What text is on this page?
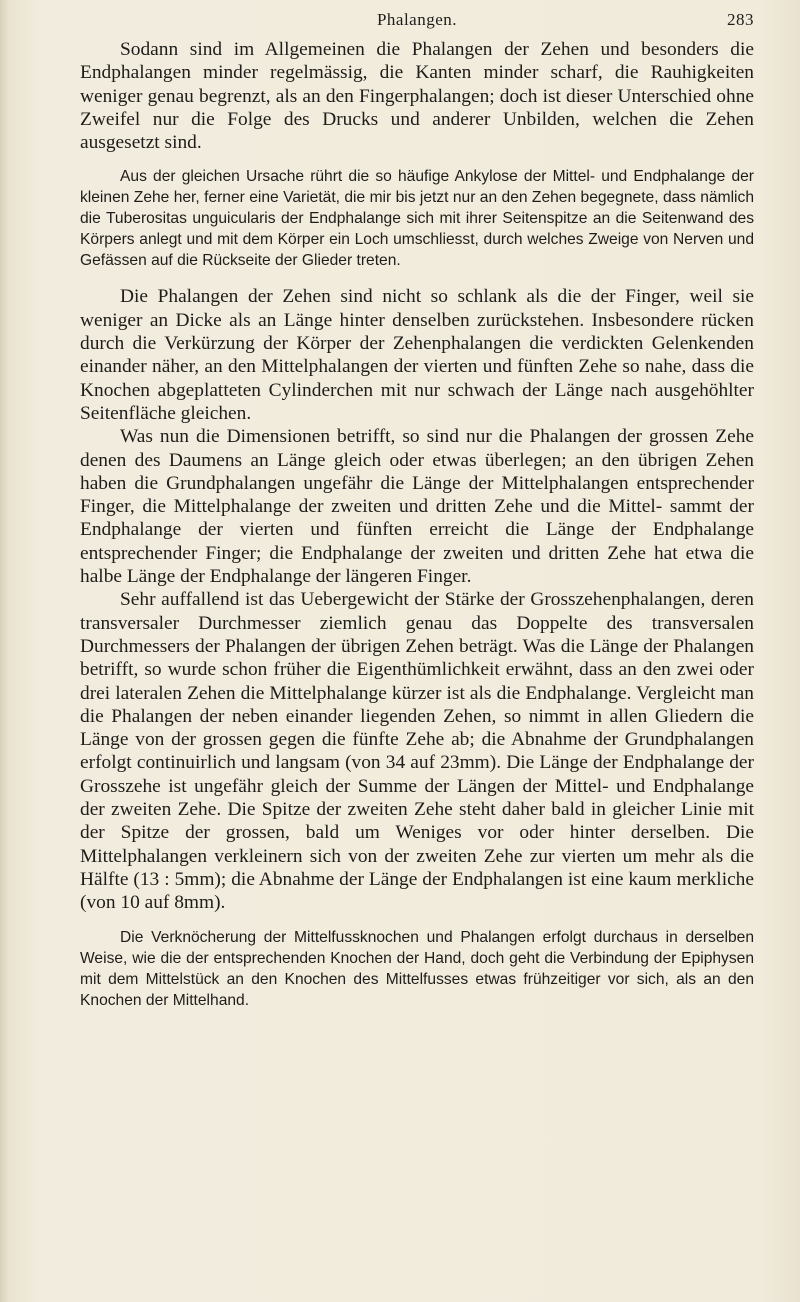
Phalangen.	283

Sodann sind im Allgemeinen die Phalangen der Zehen und besonders die Endphalangen minder regelmässig, die Kanten minder scharf, die Rauhigkeiten weniger genau begrenzt, als an den Fingerphalangen; doch ist dieser Unterschied ohne Zweifel nur die Folge des Drucks und anderer Unbilden, welchen die Zehen ausgesetzt sind.

Aus der gleichen Ursache rührt die so häufige Ankylose der Mittel- und Endphalange der kleinen Zehe her, ferner eine Varietät, die mir bis jetzt nur an den Zehen begegnete, dass nämlich die Tuberositas unguicularis der Endphalange sich mit ihrer Seitenspitze an die Seitenwand des Körpers anlegt und mit dem Körper ein Loch umschliesst, durch welches Zweige von Nerven und Gefässen auf die Rückseite der Glieder treten.

Die Phalangen der Zehen sind nicht so schlank als die der Finger, weil sie weniger an Dicke als an Länge hinter denselben zurückstehen. Insbesondere rücken durch die Verkürzung der Körper der Zehenphalangen die verdickten Gelenkenden einander näher, an den Mittelphalangen der vierten und fünften Zehe so nahe, dass die Knochen abgeplatteten Cylinderchen mit nur schwach der Länge nach ausgehöhlter Seitenfläche gleichen.

Was nun die Dimensionen betrifft, so sind nur die Phalangen der grossen Zehe denen des Daumens an Länge gleich oder etwas überlegen; an den übrigen Zehen haben die Grundphalangen ungefähr die Länge der Mittelphalangen entsprechender Finger, die Mittelphalange der zweiten und dritten Zehe und die Mittel- sammt der Endphalange der vierten und fünften erreicht die Länge der Endphalange entsprechender Finger; die Endphalange der zweiten und dritten Zehe hat etwa die halbe Länge der Endphalange der längeren Finger.

Sehr auffallend ist das Uebergewicht der Stärke der Grosszehenphalangen, deren transversaler Durchmesser ziemlich genau das Doppelte des transversalen Durchmessers der Phalangen der übrigen Zehen beträgt. Was die Länge der Phalangen betrifft, so wurde schon früher die Eigenthümlichkeit erwähnt, dass an den zwei oder drei lateralen Zehen die Mittelphalange kürzer ist als die Endphalange. Vergleicht man die Phalangen der neben einander liegenden Zehen, so nimmt in allen Gliedern die Länge von der grossen gegen die fünfte Zehe ab; die Abnahme der Grundphalangen erfolgt continuirlich und langsam (von 34 auf 23mm). Die Länge der Endphalange der Grosszehe ist ungefähr gleich der Summe der Längen der Mittel- und Endphalange der zweiten Zehe. Die Spitze der zweiten Zehe steht daher bald in gleicher Linie mit der Spitze der grossen, bald um Weniges vor oder hinter derselben. Die Mittelphalangen verkleinern sich von der zweiten Zehe zur vierten um mehr als die Hälfte (13 : 5mm); die Abnahme der Länge der Endphalangen ist eine kaum merkliche (von 10 auf 8mm).

Die Verknöcherung der Mittelfussknochen und Phalangen erfolgt durchaus in derselben Weise, wie die der entsprechenden Knochen der Hand, doch geht die Verbindung der Epiphysen mit dem Mittelstück an den Knochen des Mittelfusses etwas frühzeitiger vor sich, als an den Knochen der Mittelhand.
